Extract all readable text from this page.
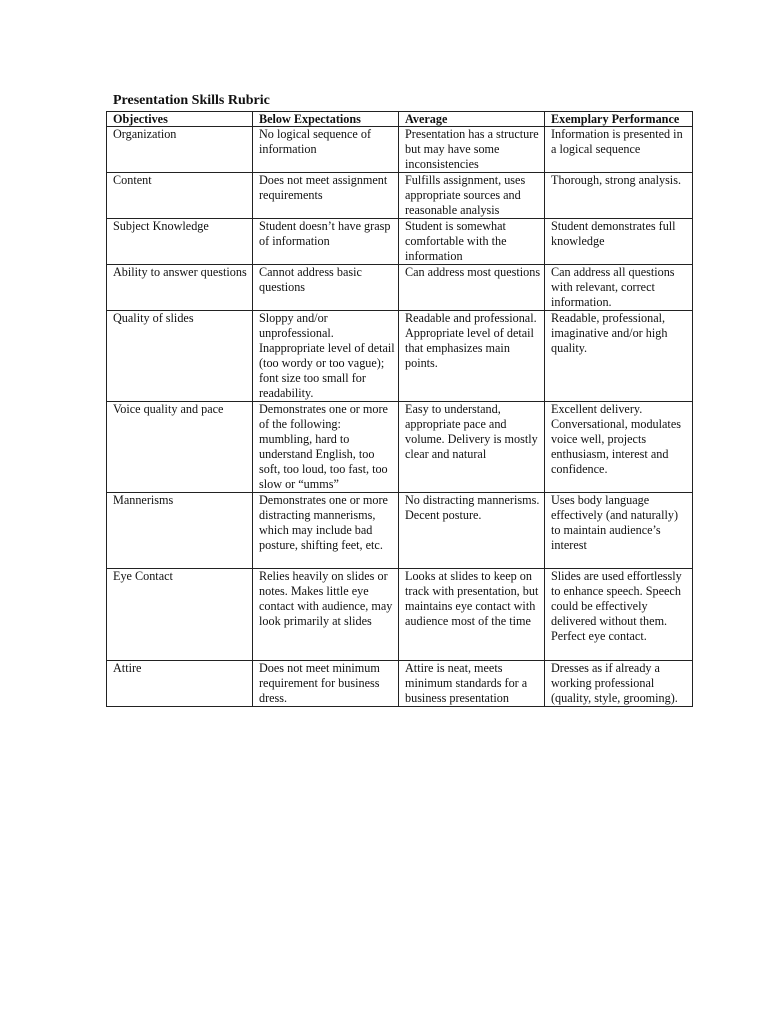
Presentation Skills Rubric
Objectives	Below Expectations	Average	Exemplary Performance
Organization	No logical sequence of information	Presentation has a structure but may have some inconsistencies	Information is presented in a logical sequence
Content	Does not meet assignment requirements	Fulfills assignment, uses appropriate sources and reasonable analysis	Thorough, strong analysis.
Subject Knowledge	Student doesn’t have grasp of information	Student is somewhat comfortable with the information	Student demonstrates full knowledge
Ability to answer questions	Cannot address basic questions	Can address most questions	Can address all questions with relevant, correct information.
Quality of slides	Sloppy and/or unprofessional. Inappropriate level of detail (too wordy or too vague); font size too small for readability.	Readable and professional. Appropriate level of detail that emphasizes main points.	Readable, professional, imaginative and/or high quality.
Voice quality and pace	Demonstrates one or more of the following: mumbling, hard to understand English, too soft, too loud, too fast, too slow or “umms”	Easy to understand, appropriate pace and volume. Delivery is mostly clear and natural	Excellent delivery. Conversational, modulates voice well, projects enthusiasm, interest and confidence.
Mannerisms	Demonstrates one or more distracting mannerisms, which may include bad posture, shifting feet, etc.	No distracting mannerisms. Decent posture.	Uses body language effectively (and naturally) to maintain audience’s interest
Eye Contact	Relies heavily on slides or notes. Makes little eye contact with audience, may look primarily at slides	Looks at slides to keep on track with presentation, but maintains eye contact with audience most of the time	Slides are used effortlessly to enhance speech. Speech could be effectively delivered without them. Perfect eye contact.
Attire	Does not meet minimum requirement for business dress.	Attire is neat, meets minimum standards for a business presentation	Dresses as if already a working professional (quality, style, grooming).
